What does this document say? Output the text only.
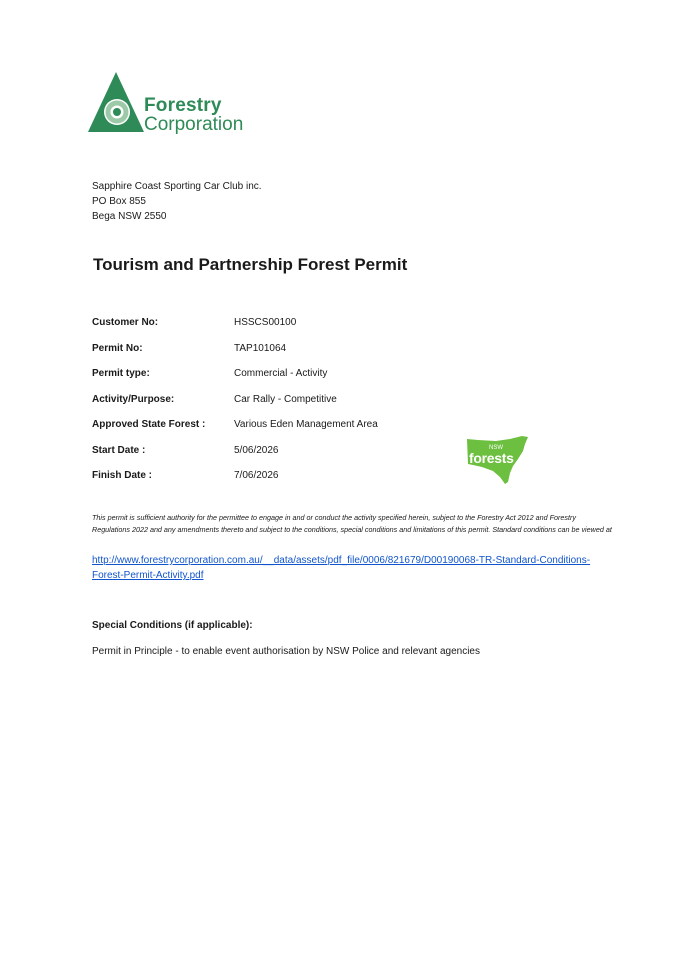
Forestry
Corporation
Sapphire Coast Sporting Car Club inc.
PO Box 855
Bega NSW 2550
Tourism and Partnership Forest Permit
Customer No:	HSSCS00100
Permit No:	TAP101064
Permit type:	Commercial - Activity
Activity/Purpose:	Car Rally - Competitive
Approved State Forest :	Various Eden Management Area
Start Date :	5/06/2026
Finish Date :	7/06/2026
NSW
forests
This permit is sufficient authority for the permittee to engage in and or conduct the activity specified herein, subject to the Forestry Act 2012 and Forestry Regulations 2022 and any amendments thereto and subject to the conditions, special conditions and limitations of this permit. Standard conditions can be viewed at
http://www.forestrycorporation.com.au/__data/assets/pdf_file/0006/821679/D00190068-TR-Standard-Conditions-Forest-Permit-Activity.pdf
Special Conditions (if applicable):
Permit in Principle - to enable event authorisation by NSW Police and relevant agencies
